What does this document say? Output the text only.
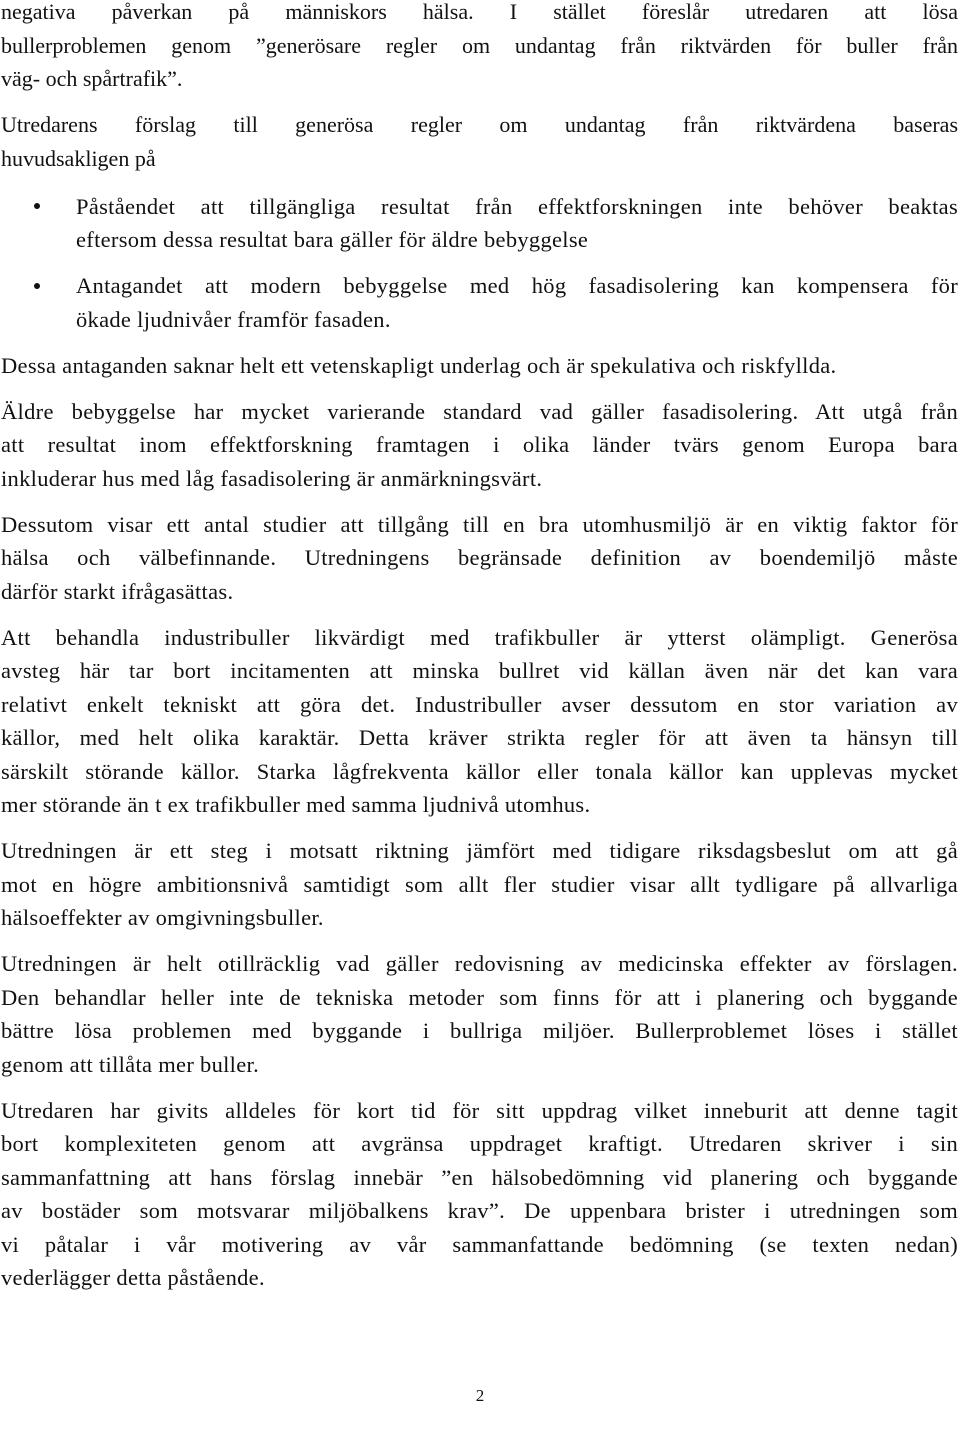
negativa påverkan på människors hälsa. I stället föreslår utredaren att lösa
bullerproblemen genom ”generösare regler om undantag från riktvärden för buller från
väg- och spårtrafik”.
Utredarens förslag till generösa regler om undantag från riktvärdena baseras
huvudsakligen på
Påståendet att tillgängliga resultat från effektforskningen inte behöver beaktas
eftersom dessa resultat bara gäller för äldre bebyggelse
Antagandet att modern bebyggelse med hög fasadisolering kan kompensera för
ökade ljudnivåer framför fasaden.
Dessa antaganden saknar helt ett vetenskapligt underlag och är spekulativa och riskfyllda.
Äldre bebyggelse har mycket varierande standard vad gäller fasadisolering. Att utgå från
att resultat inom effektforskning framtagen i olika länder tvärs genom Europa bara
inkluderar hus med låg fasadisolering är anmärkningsvärt.
Dessutom visar ett antal studier att tillgång till en bra utomhusmiljö är en viktig faktor för
hälsa och välbefinnande. Utredningens begränsade definition av boendemiljö måste
därför starkt ifrågasättas.
Att behandla industribuller likvärdigt med trafikbuller är ytterst olämpligt. Generösa
avsteg här tar bort incitamenten att minska bullret vid källan även när det kan vara
relativt enkelt tekniskt att göra det. Industribuller avser dessutom en stor variation av
källor, med helt olika karaktär. Detta kräver strikta regler för att även ta hänsyn till
särskilt störande källor. Starka lågfrekventa källor eller tonala källor kan upplevas mycket
mer störande än t ex trafikbuller med samma ljudnivå utomhus.
Utredningen är ett steg i motsatt riktning jämfört med tidigare riksdagsbeslut om att gå
mot en högre ambitionsnivå samtidigt som allt fler studier visar allt tydligare på allvarliga
hälsoeffekter av omgivningsbuller.
Utredningen är helt otillräcklig vad gäller redovisning av medicinska effekter av förslagen.
Den behandlar heller inte de tekniska metoder som finns för att i planering och byggande
bättre lösa problemen med byggande i bullriga miljöer. Bullerproblemet löses i stället
genom att tillåta mer buller.
Utredaren har givits alldeles för kort tid för sitt uppdrag vilket inneburit att denne tagit
bort komplexiteten genom att avgränsa uppdraget kraftigt. Utredaren skriver i sin
sammanfattning att hans förslag innebär ”en hälsobedömning vid planering och byggande
av bostäder som motsvarar miljöbalkens krav”. De uppenbara brister i utredningen som
vi påtalar i vår motivering av vår sammanfattande bedömning (se texten nedan)
vederlägger detta påstående.
2
